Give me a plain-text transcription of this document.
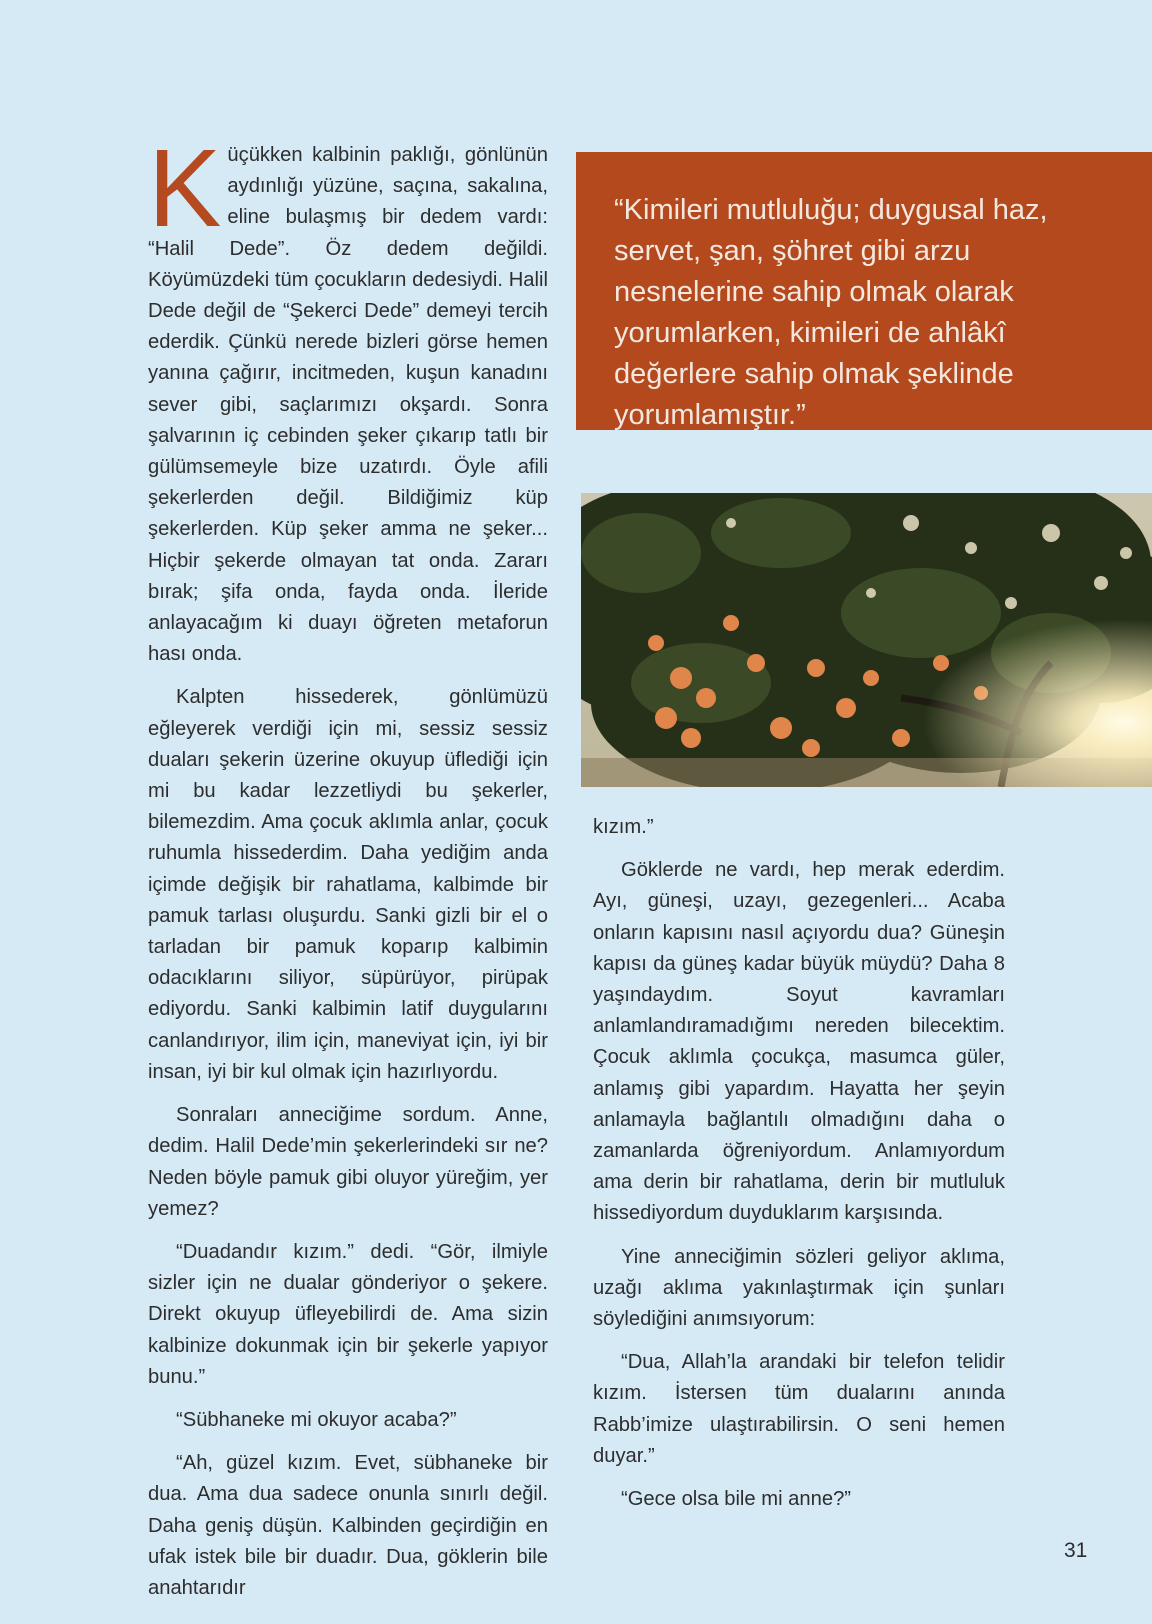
Küçükken kalbinin paklığı, gönlünün aydınlığı yüzüne, saçına, sakalına, eline bulaşmış bir dedem vardı: “Halil Dede”. Öz dedem değildi. Köyümüzdeki tüm çocukların dedesiydi. Halil Dede değil de “Şekerci Dede” demeyi tercih ederdik. Çünkü nerede bizleri görse hemen yanına çağırır, incitmeden, kuşun kanadını sever gibi, saçlarımızı okşardı. Sonra şalvarının iç cebinden şeker çıkarıp tatlı bir gülümsemeyle bize uzatırdı. Öyle afili şekerlerden değil. Bildiğimiz küp şekerlerden. Küp şeker amma ne şeker... Hiçbir şekerde olmayan tat onda. Zararı bırak; şifa onda, fayda onda. İleride anlayacağım ki duayı öğreten metaforun hası onda.

Kalpten hissederek, gönlümüzü eğleyerek verdiği için mi, sessiz sessiz duaları şekerin üzerine okuyup üflediği için mi bu kadar lezzetliydi bu şekerler, bilemezdim. Ama çocuk aklımla anlar, çocuk ruhumla hissederdim. Daha yediğim anda içimde değişik bir rahatlama, kalbimde bir pamuk tarlası oluşurdu. Sanki gizli bir el o tarladan bir pamuk koparıp kalbimin odacıklarını siliyor, süpürüyor, pirüpak ediyordu. Sanki kalbimin latif duygularını canlandırıyor, ilim için, maneviyat için, iyi bir insan, iyi bir kul olmak için hazırlıyordu.

Sonraları anneciğime sordum. Anne, dedim. Halil Dede’min şekerlerindeki sır ne? Neden böyle pamuk gibi oluyor yüreğim, yer yemez?

“Duadandır kızım.” dedi. “Gör, ilmiyle sizler için ne dualar gönderiyor o şekere. Direkt okuyup üfleyebilirdi de. Ama sizin kalbinize dokunmak için bir şekerle yapıyor bunu.”

“Sübhaneke mi okuyor acaba?”

“Ah, güzel kızım. Evet, sübhaneke bir dua. Ama dua sadece onunla sınırlı değil. Daha geniş düşün. Kalbinden geçirdiğin en ufak istek bile bir duadır. Dua, göklerin bile anahtarıdır

“Kimileri mutluluğu; duygusal haz, servet, şan, şöhret gibi arzu nesnelerine sahip olmak olarak yorumlarken, kimileri de ahlâkî değerlere sahip olmak şeklinde yorumlamıştır.”

kızım.”

Göklerde ne vardı, hep merak ederdim. Ayı, güneşi, uzayı, gezegenleri... Acaba onların kapısını nasıl açıyordu dua? Güneşin kapısı da güneş kadar büyük müydü? Daha 8 yaşındaydım. Soyut kavramları anlamlandıramadığımı nereden bilecektim. Çocuk aklımla çocukça, masumca güler, anlamış gibi yapardım. Hayatta her şeyin anlamayla bağlantılı olmadığını daha o zamanlarda öğreniyordum. Anlamıyordum ama derin bir rahatlama, derin bir mutluluk hissediyordum duyduklarım karşısında.

Yine anneciğimin sözleri geliyor aklıma, uzağı aklıma yakınlaştırmak için şunları söylediğini anımsıyorum:

“Dua, Allah’la arandaki bir telefon telidir kızım. İstersen tüm dualarını anında Rabb’imize ulaştırabilirsin. O seni hemen duyar.”

“Gece olsa bile mi anne?”

31
